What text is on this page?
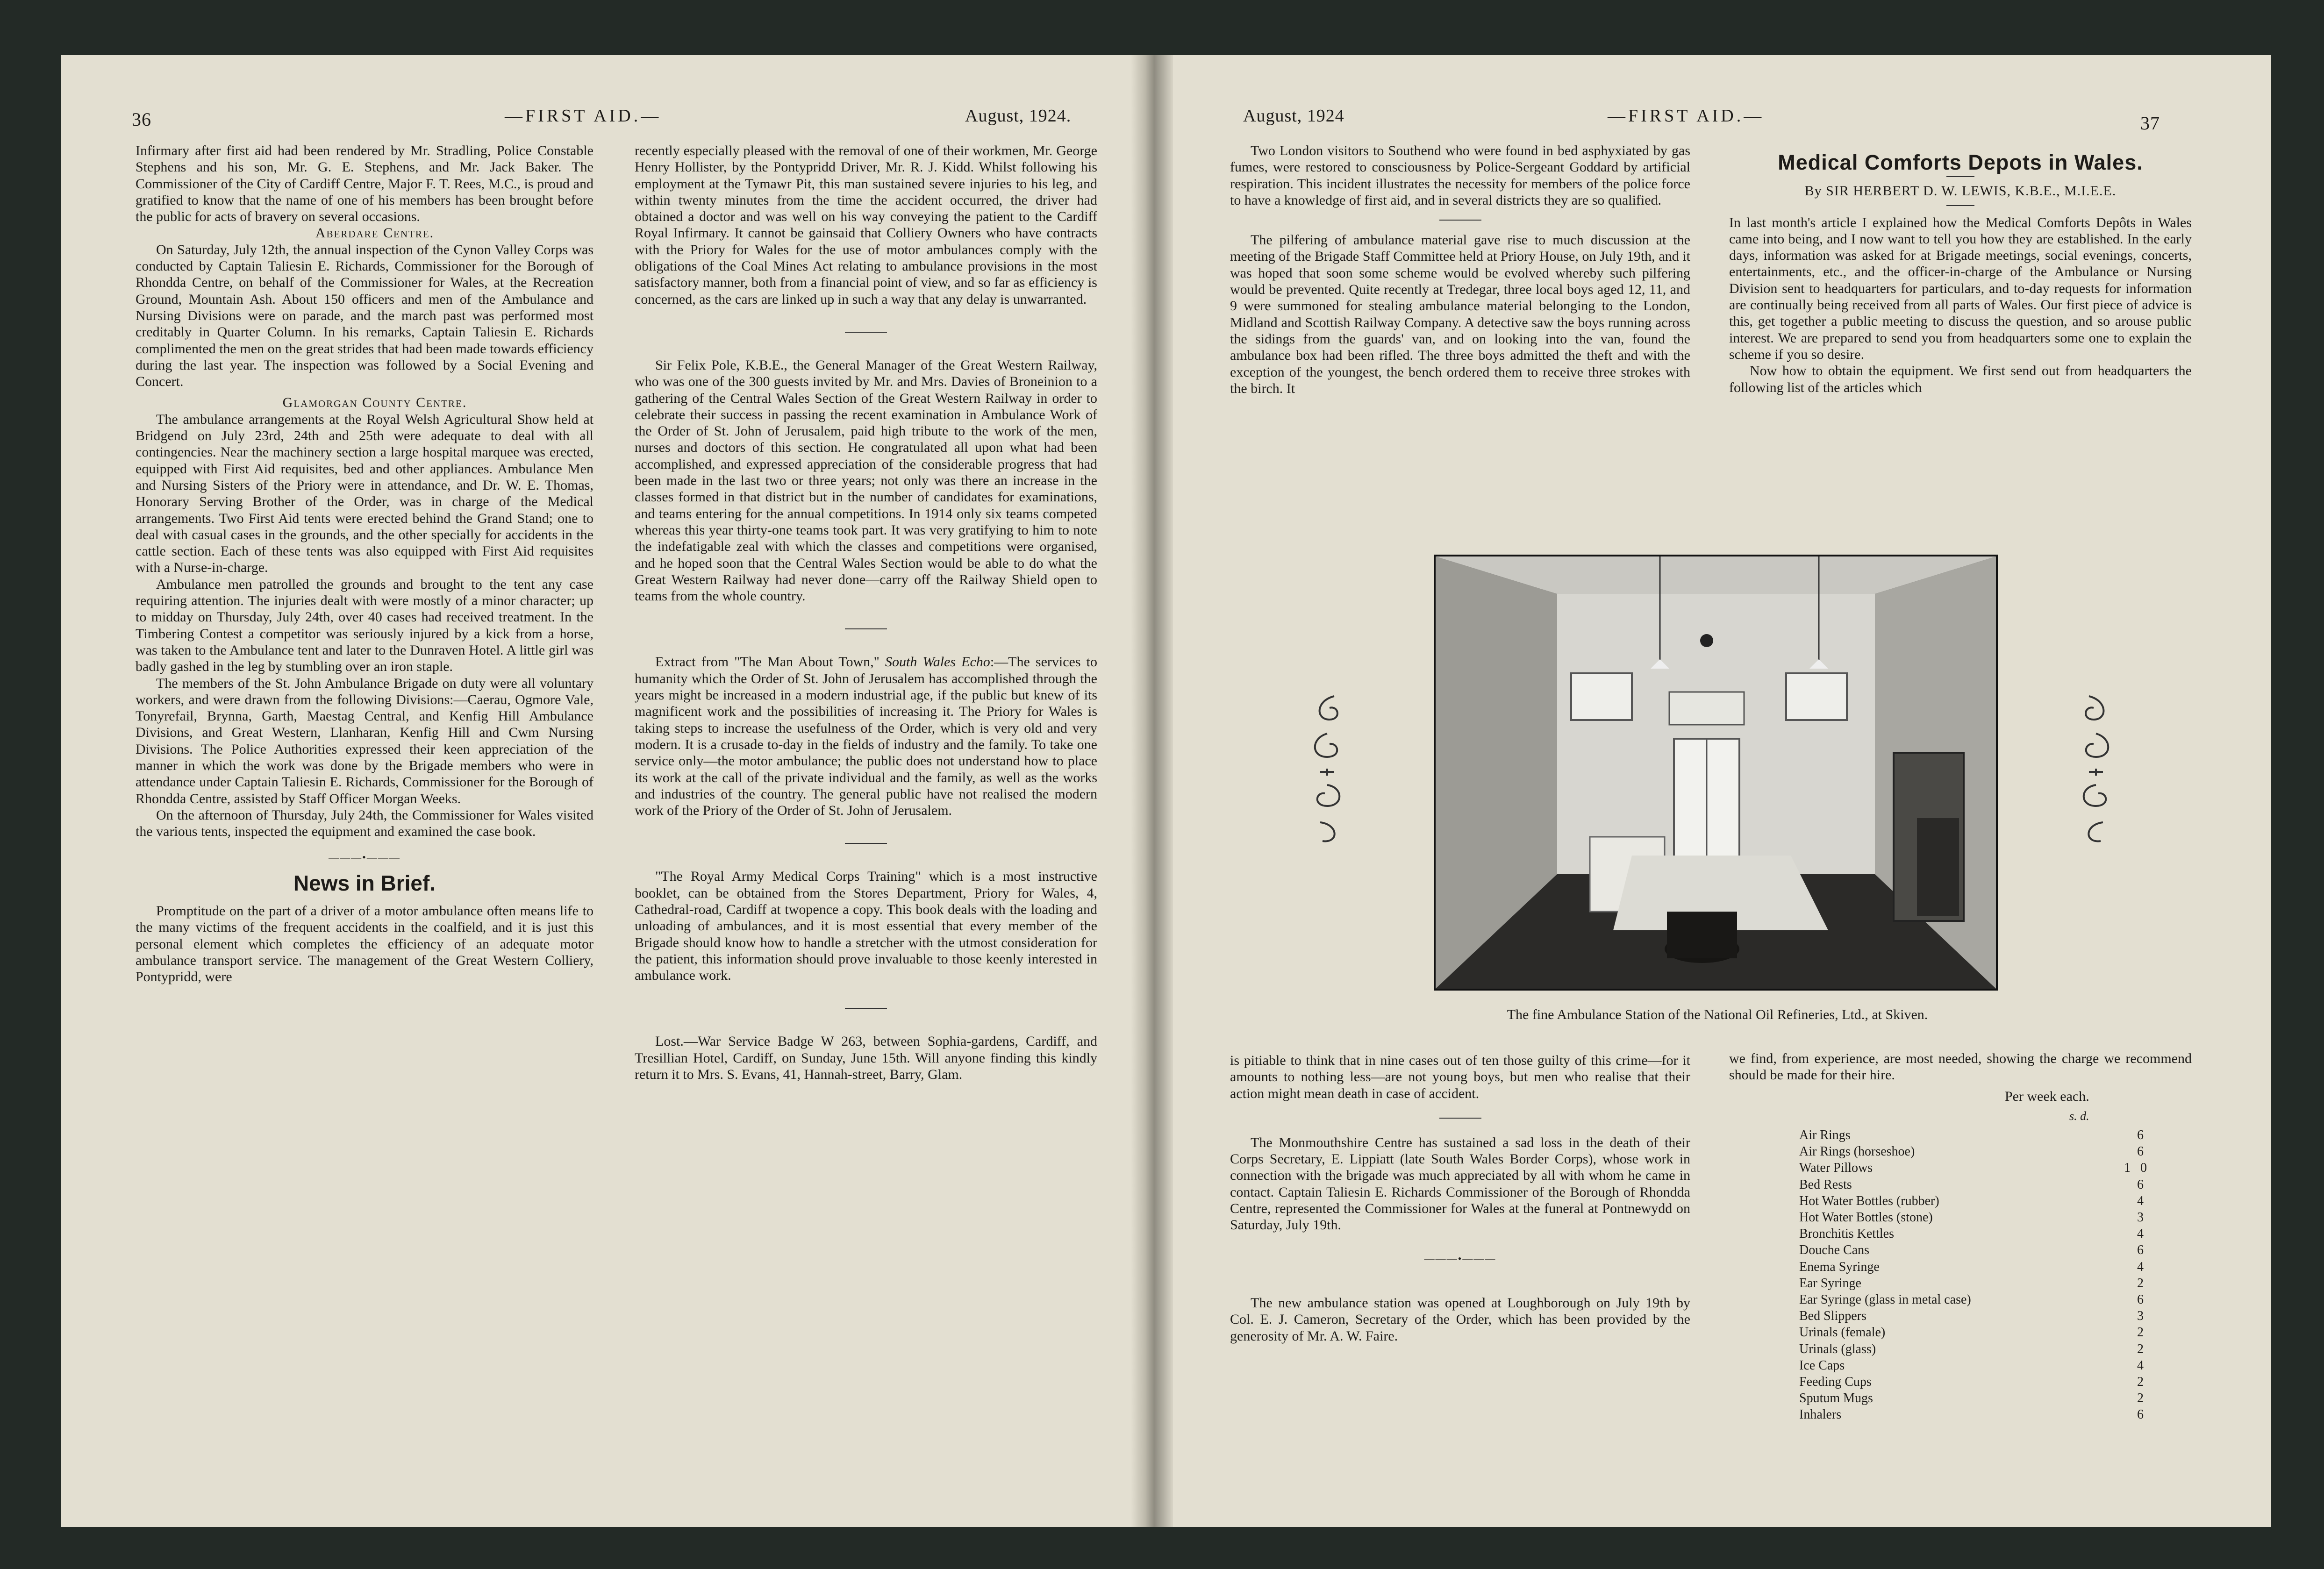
36	—FIRST AID.—	August, 1924.

Infirmary after first aid had been rendered by Mr. Stradling, Police Constable Stephens and his son, Mr. G. E. Stephens, and Mr. Jack Baker. The Commissioner of the City of Cardiff Centre, Major F. T. Rees, M.C., is proud and gratified to know that the name of one of his members has been brought before the public for acts of bravery on several occasions.

Aberdare Centre.

On Saturday, July 12th, the annual inspection of the Cynon Valley Corps was conducted by Captain Taliesin E. Richards, Commissioner for the Borough of Rhondda Centre, on behalf of the Commissioner for Wales, at the Recreation Ground, Mountain Ash. About 150 officers and men of the Ambulance and Nursing Divisions were on parade, and the march past was performed most creditably in Quarter Column. In his remarks, Captain Taliesin E. Richards complimented the men on the great strides that had been made towards efficiency during the last year. The inspection was followed by a Social Evening and Concert.

Glamorgan County Centre.

The ambulance arrangements at the Royal Welsh Agricultural Show held at Bridgend on July 23rd, 24th and 25th were adequate to deal with all contingencies. Near the machinery section a large hospital marquee was erected, equipped with First Aid requisites, bed and other appliances. Ambulance Men and Nursing Sisters of the Priory were in attendance, and Dr. W. E. Thomas, Honorary Serving Brother of the Order, was in charge of the Medical arrangements. Two First Aid tents were erected behind the Grand Stand; one to deal with casual cases in the grounds, and the other specially for accidents in the cattle section. Each of these tents was also equipped with First Aid requisites with a Nurse-in-charge.

Ambulance men patrolled the grounds and brought to the tent any case requiring attention. The injuries dealt with were mostly of a minor character; up to midday on Thursday, July 24th, over 40 cases had received treatment. In the Timbering Contest a competitor was seriously injured by a kick from a horse, was taken to the Ambulance tent and later to the Dunraven Hotel. A little girl was badly gashed in the leg by stumbling over an iron staple.

The members of the St. John Ambulance Brigade on duty were all voluntary workers, and were drawn from the following Divisions:—Caerau, Ogmore Vale, Tonyrefail, Brynna, Garth, Maestag Central, and Kenfig Hill Ambulance Divisions, and Great Western, Llanharan, Kenfig Hill and Cwm Nursing Divisions. The Police Authorities expressed their keen appreciation of the manner in which the work was done by the Brigade members who were in attendance under Captain Taliesin E. Richards, Commissioner for the Borough of Rhondda Centre, assisted by Staff Officer Morgan Weeks.

On the afternoon of Thursday, July 24th, the Commissioner for Wales visited the various tents, inspected the equipment and examined the case book.

———•———
News in Brief.

Promptitude on the part of a driver of a motor ambulance often means life to the many victims of the frequent accidents in the coalfield, and it is just this personal element which completes the efficiency of an adequate motor ambulance transport service. The management of the Great Western Colliery, Pontypridd, were

recently especially pleased with the removal of one of their workmen, Mr. George Henry Hollister, by the Pontypridd Driver, Mr. R. J. Kidd. Whilst following his employment at the Tymawr Pit, this man sustained severe injuries to his leg, and within twenty minutes from the time the accident occurred, the driver had obtained a doctor and was well on his way conveying the patient to the Cardiff Royal Infirmary. It cannot be gainsaid that Colliery Owners who have contracts with the Priory for Wales for the use of motor ambulances comply with the obligations of the Coal Mines Act relating to ambulance provisions in the most satisfactory manner, both from a financial point of view, and so far as efficiency is concerned, as the cars are linked up in such a way that any delay is unwarranted.

Sir Felix Pole, K.B.E., the General Manager of the Great Western Railway, who was one of the 300 guests invited by Mr. and Mrs. Davies of Broneinion to a gathering of the Central Wales Section of the Great Western Railway in order to celebrate their success in passing the recent examination in Ambulance Work of the Order of St. John of Jerusalem, paid high tribute to the work of the men, nurses and doctors of this section. He congratulated all upon what had been accomplished, and expressed appreciation of the considerable progress that had been made in the last two or three years; not only was there an increase in the classes formed in that district but in the number of candidates for examinations, and teams entering for the annual competitions. In 1914 only six teams competed whereas this year thirty-one teams took part. It was very gratifying to him to note the indefatigable zeal with which the classes and competitions were organised, and he hoped soon that the Central Wales Section would be able to do what the Great Western Railway had never done—carry off the Railway Shield open to teams from the whole country.

Extract from "The Man About Town," South Wales Echo:—The services to humanity which the Order of St. John of Jerusalem has accomplished through the years might be increased in a modern industrial age, if the public but knew of its magnificent work and the possibilities of increasing it. The Priory for Wales is taking steps to increase the usefulness of the Order, which is very old and very modern. It is a crusade to-day in the fields of industry and the family. To take one service only—the motor ambulance; the public does not understand how to place its work at the call of the private individual and the family, as well as the works and industries of the country. The general public have not realised the modern work of the Priory of the Order of St. John of Jerusalem.

"The Royal Army Medical Corps Training" which is a most instructive booklet, can be obtained from the Stores Department, Priory for Wales, 4, Cathedral-road, Cardiff at twopence a copy. This book deals with the loading and unloading of ambulances, and it is most essential that every member of the Brigade should know how to handle a stretcher with the utmost consideration for the patient, this information should prove invaluable to those keenly interested in ambulance work.

Lost.—War Service Badge W 263, between Sophia-gardens, Cardiff, and Tresillian Hotel, Cardiff, on Sunday, June 15th. Will anyone finding this kindly return it to Mrs. S. Evans, 41, Hannah-street, Barry, Glam.

August, 1924	—FIRST AID.—	37

Two London visitors to Southend who were found in bed asphyxiated by gas fumes, were restored to consciousness by Police-Sergeant Goddard by artificial respiration. This incident illustrates the necessity for members of the police force to have a knowledge of first aid, and in several districts they are so qualified.

The pilfering of ambulance material gave rise to much discussion at the meeting of the Brigade Staff Committee held at Priory House, on July 19th, and it was hoped that soon some scheme would be evolved whereby such pilfering would be prevented. Quite recently at Tredegar, three local boys aged 12, 11, and 9 were summoned for stealing ambulance material belonging to the London, Midland and Scottish Railway Company. A detective saw the boys running across the sidings from the guards' van, and on looking into the van, found the ambulance box had been rifled. The three boys admitted the theft and with the exception of the youngest, the bench ordered them to receive three strokes with the birch. It

Medical Comforts Depots in Wales.
By SIR HERBERT D. W. LEWIS, K.B.E., M.I.E.E.

In last month's article I explained how the Medical Comforts Depôts in Wales came into being, and I now want to tell you how they are established. In the early days, information was asked for at Brigade meetings, social evenings, concerts, entertainments, etc., and the officer-in-charge of the Ambulance or Nursing Division sent to headquarters for particulars, and to-day requests for information are continually being received from all parts of Wales. Our first piece of advice is this, get together a public meeting to discuss the question, and so arouse public interest. We are prepared to send you from headquarters some one to explain the scheme if you so desire.

Now how to obtain the equipment. We first send out from headquarters the following list of the articles which

The fine Ambulance Station of the National Oil Refineries, Ltd., at Skiven.

is pitiable to think that in nine cases out of ten those guilty of this crime—for it amounts to nothing less—are not young boys, but men who realise that their action might mean death in case of accident.

The Monmouthshire Centre has sustained a sad loss in the death of their Corps Secretary, E. Lippiatt (late South Wales Border Corps), whose work in connection with the brigade was much appreciated by all with whom he came in contact. Captain Taliesin E. Richards Commissioner of the Borough of Rhondda Centre, represented the Commissioner for Wales at the funeral at Pontnewydd on Saturday, July 19th.

———•———

The new ambulance station was opened at Loughborough on July 19th by Col. E. J. Cameron, Secretary of the Order, which has been provided by the generosity of Mr. A. W. Faire.

we find, from experience, are most needed, showing the charge we recommend should be made for their hire.

Per week each.
s. d.
Air Rings	6
Air Rings (horseshoe)	6
Water Pillows	1   0
Bed Rests	6
Hot Water Bottles (rubber)	4
Hot Water Bottles (stone)	3
Bronchitis Kettles	4
Douche Cans	6
Enema Syringe	4
Ear Syringe	2
Ear Syringe (glass in metal case)	6
Bed Slippers	3
Urinals (female)	2
Urinals (glass)	2
Ice Caps	4
Feeding Cups	2
Sputum Mugs	2
Inhalers	6
